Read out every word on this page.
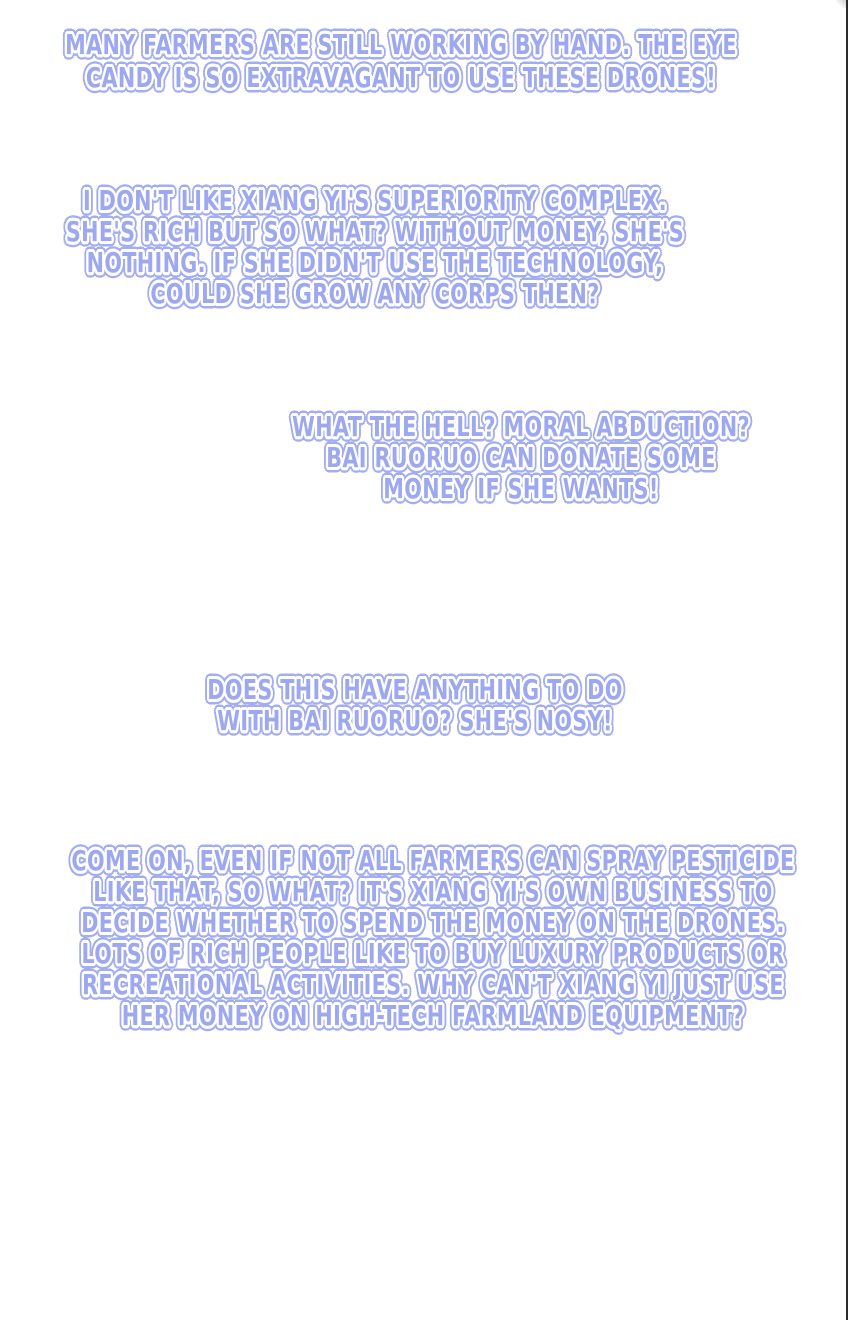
MANY FARMERS ARE STILL WORKING BY HAND. THE EYE
CANDY IS SO EXTRAVAGANT TO USE THESE DRONES!
I DON'T LIKE XIANG YI'S SUPERIORITY COMPLEX.
SHE'S RICH BUT SO WHAT? WITHOUT MONEY, SHE'S
NOTHING. IF SHE DIDN'T USE THE TECHNOLOGY,
COULD SHE GROW ANY CORPS THEN?
WHAT THE HELL? MORAL ABDUCTION?
BAI RUORUO CAN DONATE SOME
MONEY IF SHE WANTS!
DOES THIS HAVE ANYTHING TO DO
WITH BAI RUORUO? SHE'S NOSY!
COME ON, EVEN IF NOT ALL FARMERS CAN SPRAY PESTICIDE
LIKE THAT, SO WHAT? IT'S XIANG YI'S OWN BUSINESS TO
DECIDE WHETHER TO SPEND THE MONEY ON THE DRONES.
LOTS OF RICH PEOPLE LIKE TO BUY LUXURY PRODUCTS OR
RECREATIONAL ACTIVITIES. WHY CAN'T XIANG YI JUST USE
HER MONEY ON HIGH-TECH FARMLAND EQUIPMENT?
